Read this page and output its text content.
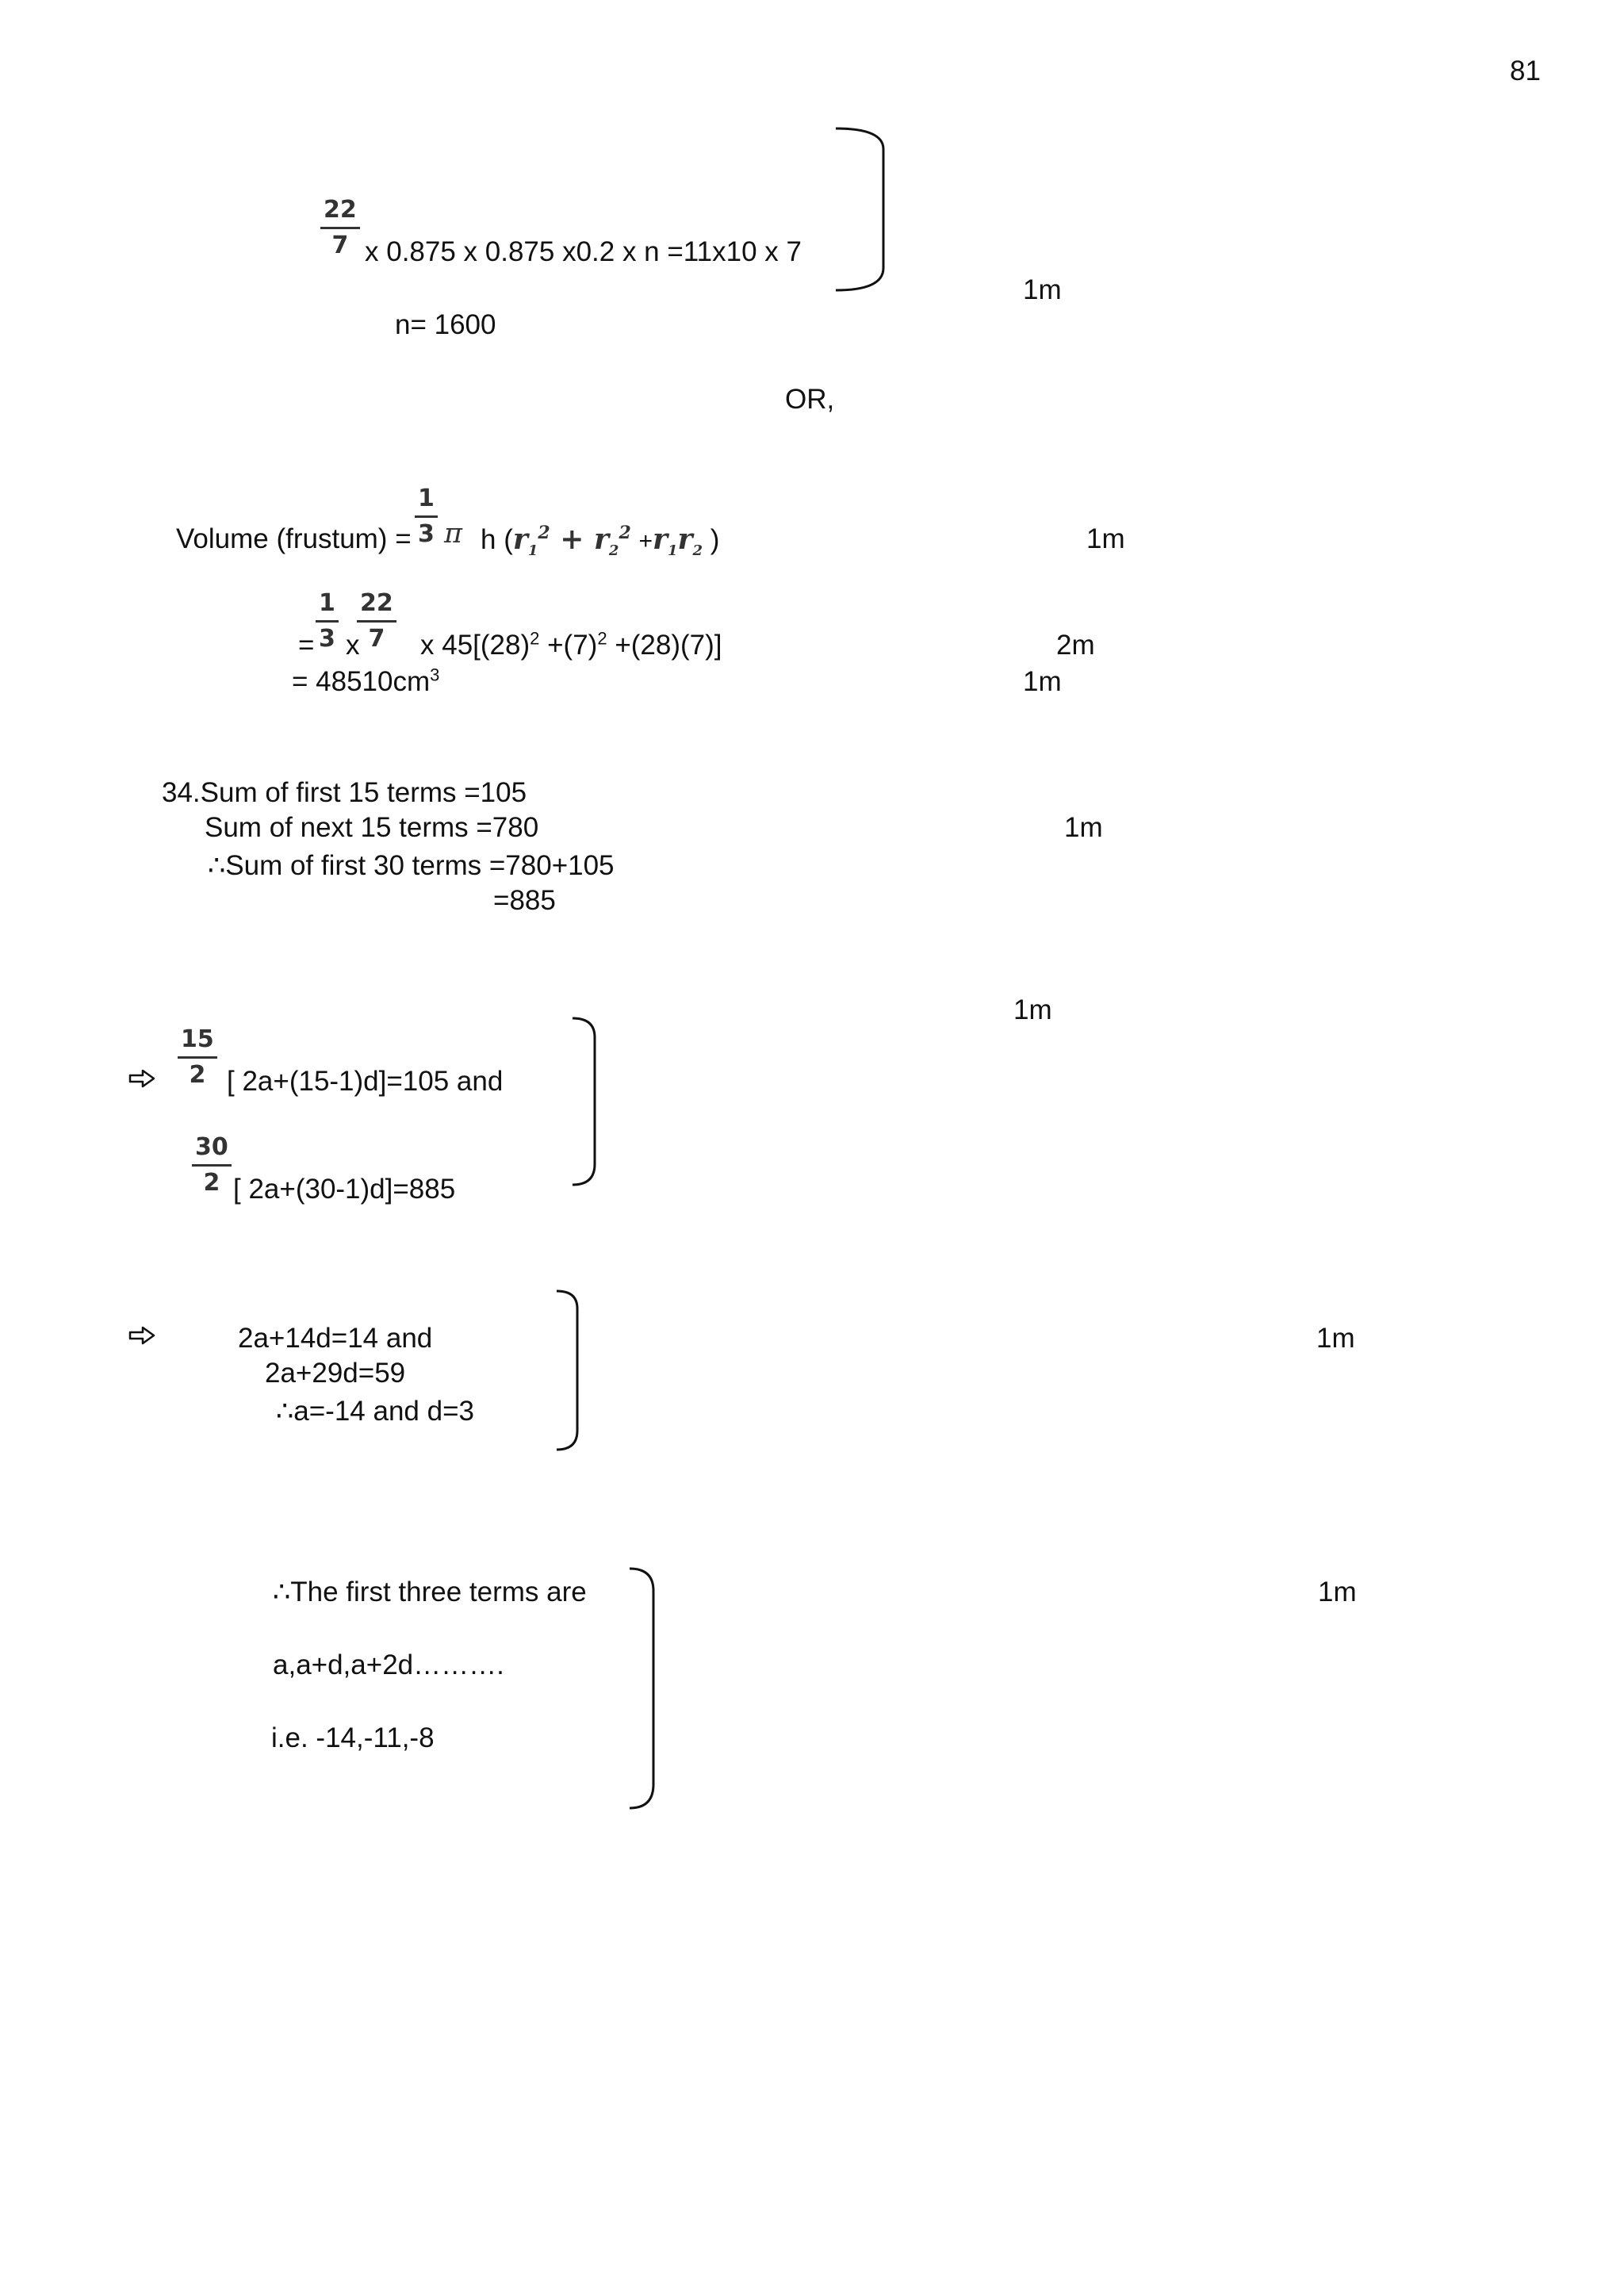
81
$\frac{22}{7}$ x 0.875 x 0.875 x0.2 x n =11x10 x 7
1m
n= 1600
OR,
Volume (frustum) = $\frac{1}{3}$ π h ($r_1^2 + r_2^2 +r_1r_2$ )	1m
= $\frac{1}{3}$ x
$\frac{22}{7}$ x $45[(28)^2 +(7)^2 +(28)(7)]$	2m
= $48510cm^3$	1m
34.Sum of first 15 terms =105
Sum of next 15 terms =780	1m
∴Sum of first 30 terms =780+105
=885
1m
$\frac{15}{2}$ [ 2a+(15-1)d]=105 and
$\frac{30}{2}$ [ 2a+(30-1)d]=885
2a+14d=14 and
2a+29d=59
∴a=-14 and d=3
1m
∴The first three terms are
a,a+d,a+2d……….
i.e. -14,-11,-8
1m
